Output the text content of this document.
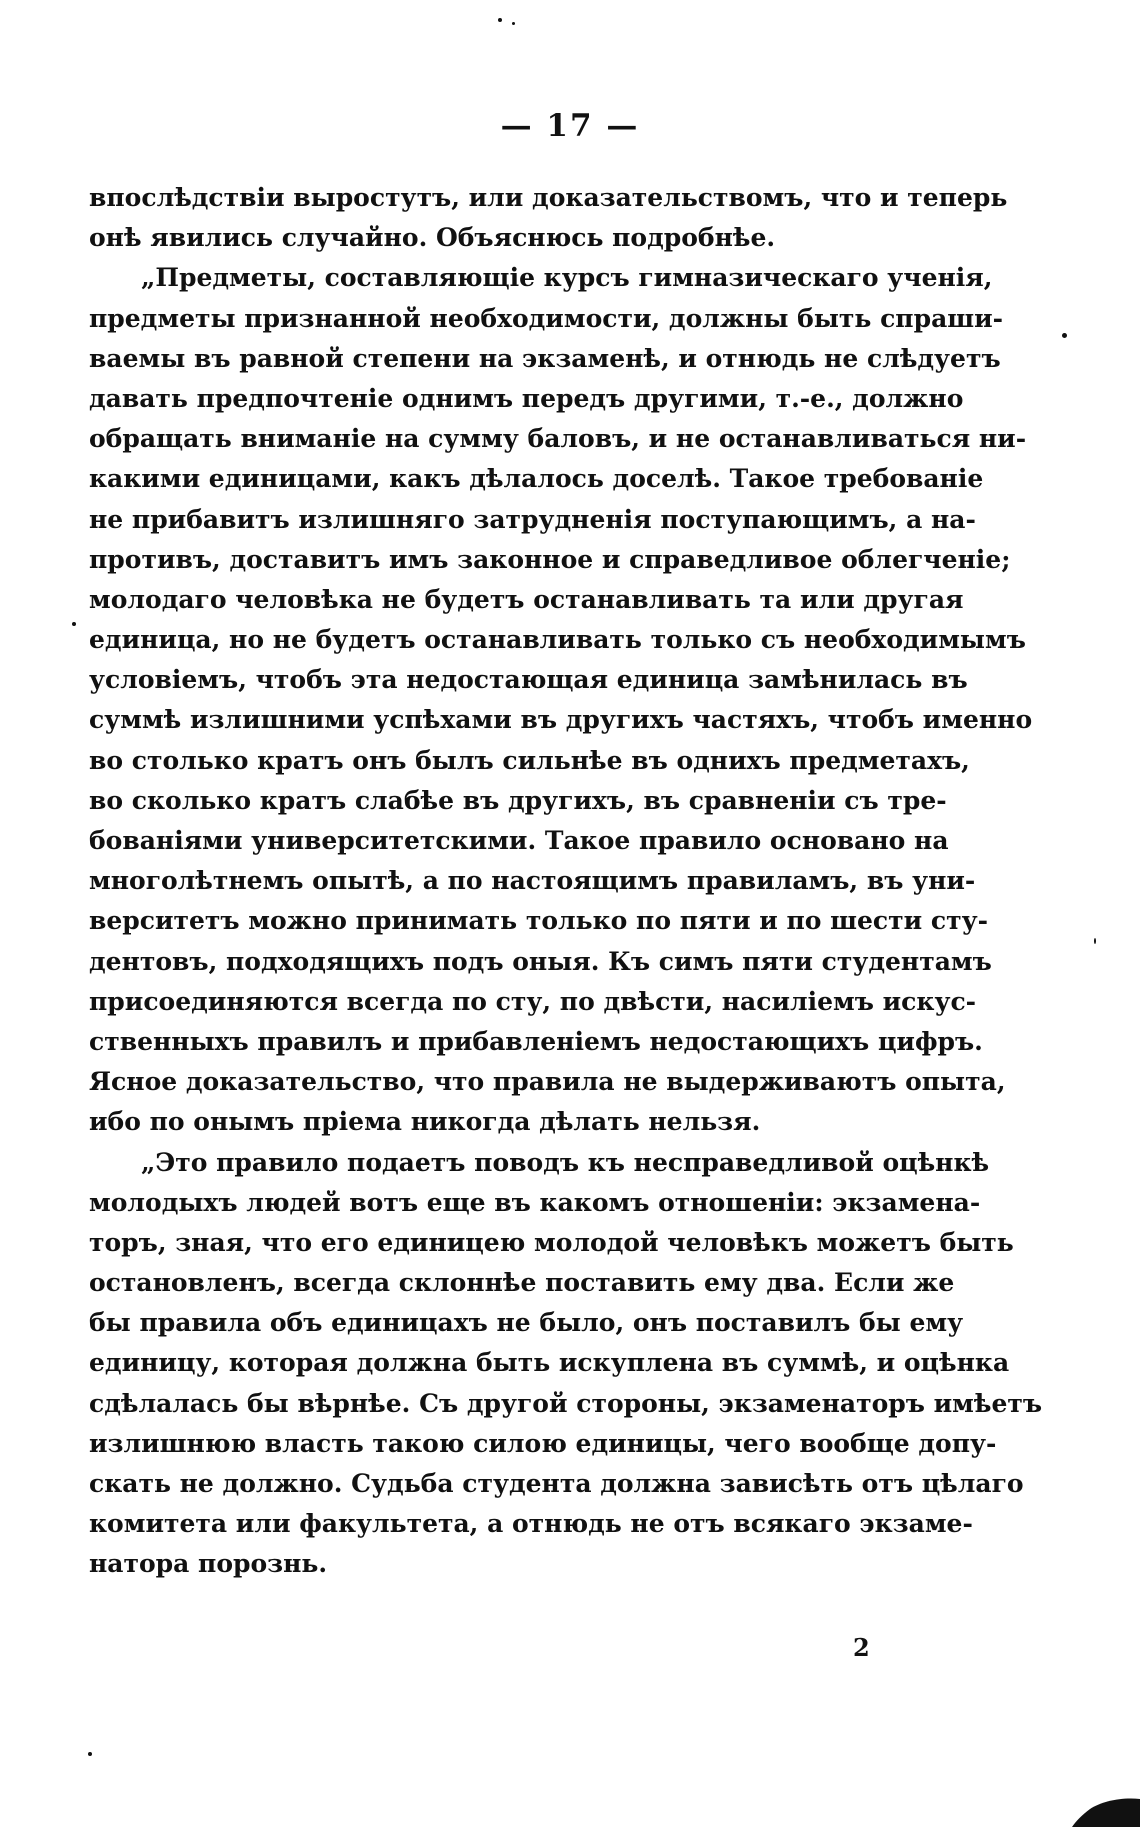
— 17 —
впослѣдствіи выростутъ, или доказательствомъ, что и теперь
онѣ явились случайно. Объяснюсь подробнѣе.
„Предметы, составляющіе курсъ гимназическаго ученія,
предметы признанной необходимости, должны быть спраши-
ваемы въ равной степени на экзаменѣ, и отнюдь не слѣдуетъ
давать предпочтеніе однимъ передъ другими, т.-е., должно
обращать вниманіе на сумму баловъ, и не останавливаться ни-
какими единицами, какъ дѣлалось доселѣ. Такое требованіе
не прибавитъ излишняго затрудненія поступающимъ, а на-
противъ, доставитъ имъ законное и справедливое облегченіе;
молодаго человѣка не будетъ останавливать та или другая
единица, но не будетъ останавливать только съ необходимымъ
условіемъ, чтобъ эта недостающая единица замѣнилась въ
суммѣ излишними успѣхами въ другихъ частяхъ, чтобъ именно
во столько кратъ онъ былъ сильнѣе въ однихъ предметахъ,
во сколько кратъ слабѣе въ другихъ, въ сравненіи съ тре-
бованіями университетскими. Такое правило основано на
многолѣтнемъ опытѣ, а по настоящимъ правиламъ, въ уни-
верситетъ можно принимать только по пяти и по шести сту-
дентовъ, подходящихъ подъ оныя. Къ симъ пяти студентамъ
присоединяются всегда по сту, по двѣсти, насиліемъ искус-
ственныхъ правилъ и прибавленіемъ недостающихъ цифръ.
Ясное доказательство, что правила не выдерживаютъ опыта,
ибо по онымъ пріема никогда дѣлать нельзя.
„Это правило подаетъ поводъ къ несправедливой оцѣнкѣ
молодыхъ людей вотъ еще въ какомъ отношеніи: экзамена-
торъ, зная, что его единицею молодой человѣкъ можетъ быть
остановленъ, всегда склоннѣе поставить ему два. Если же
бы правила объ единицахъ не было, онъ поставилъ бы ему
единицу, которая должна быть искуплена въ суммѣ, и оцѣнка
сдѣлалась бы вѣрнѣе. Съ другой стороны, экзаменаторъ имѣетъ
излишнюю власть такою силою единицы, чего вообще допу-
скать не должно. Судьба студента должна зависѣть отъ цѣлаго
комитета или факультета, а отнюдь не отъ всякаго экзаме-
натора порознь.
2
